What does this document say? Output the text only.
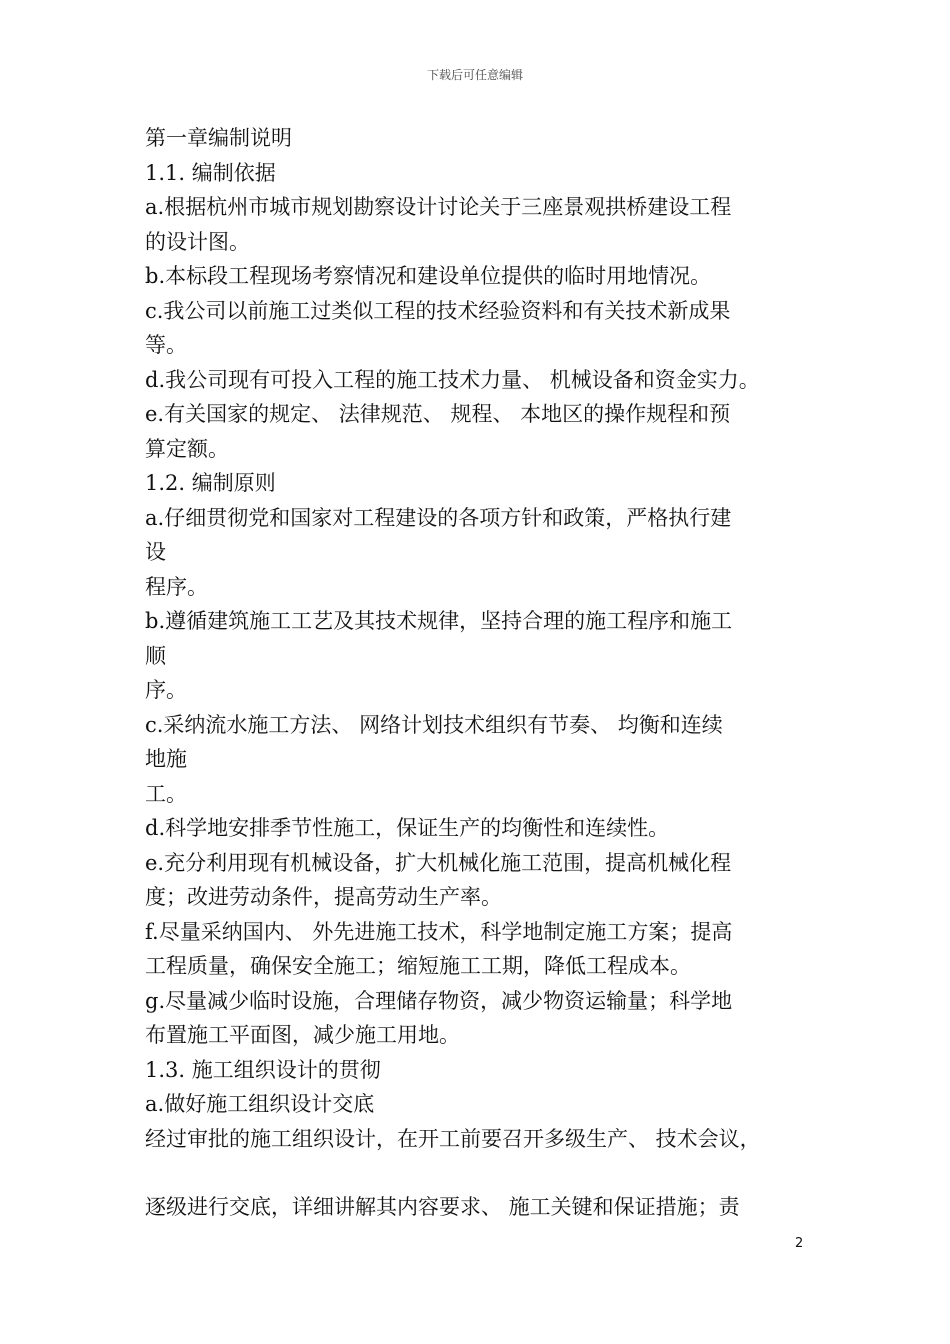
下载后可任意编辑
第一章编制说明
1.1. 编制依据
a.根据杭州市城市规划勘察设计讨论关于三座景观拱桥建设工程
的设计图。
b.本标段工程现场考察情况和建设单位提供的临时用地情况。
c.我公司以前施工过类似工程的技术经验资料和有关技术新成果
等。
d.我公司现有可投入工程的施工技术力量、 机械设备和资金实力。
e.有关国家的规定、 法律规范、 规程、 本地区的操作规程和预
算定额。
1.2. 编制原则
a.仔细贯彻党和国家对工程建设的各项方针和政策，严格执行建
设
程序。
b.遵循建筑施工工艺及其技术规律，坚持合理的施工程序和施工
顺
序。
c.采纳流水施工方法、 网络计划技术组织有节奏、 均衡和连续
地施
工。
d.科学地安排季节性施工，保证生产的均衡性和连续性。
e.充分利用现有机械设备，扩大机械化施工范围，提高机械化程
度；改进劳动条件，提高劳动生产率。
f.尽量采纳国内、 外先进施工技术，科学地制定施工方案；提高
工程质量，确保安全施工；缩短施工工期，降低工程成本。
g.尽量减少临时设施，合理储存物资，减少物资运输量；科学地
布置施工平面图，减少施工用地。
1.3. 施工组织设计的贯彻
a.做好施工组织设计交底
经过审批的施工组织设计，在开工前要召开多级生产、 技术会议，
逐级进行交底，详细讲解其内容要求、 施工关键和保证措施；责
2
